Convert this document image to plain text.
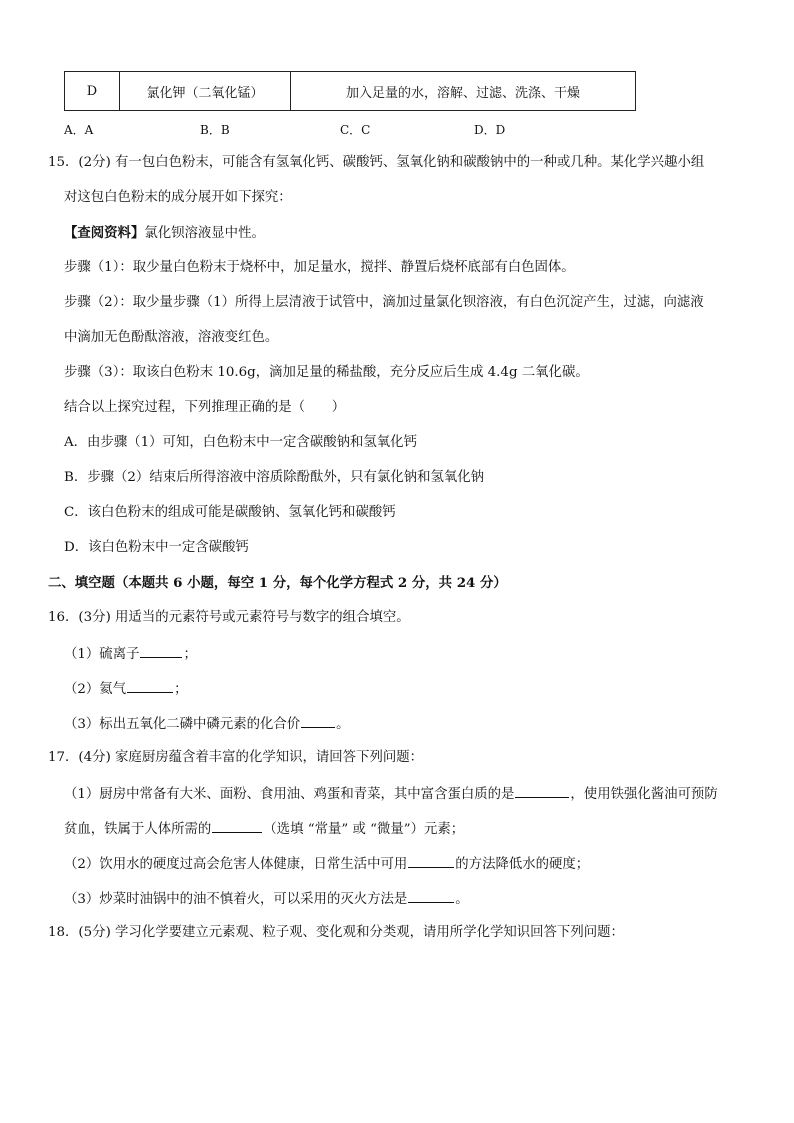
D	氯化钾（二氧化锰）	加入足量的水，溶解、过滤、洗涤、干燥
A．A	B．B	C．C	D．D
15．(2分) 有一包白色粉末，可能含有氢氧化钙、碳酸钙、氢氧化钠和碳酸钠中的一种或几种。某化学兴趣小组
对这包白色粉末的成分展开如下探究：
【查阅资料】氯化钡溶液显中性。
步骤（1）：取少量白色粉末于烧杯中，加足量水，搅拌、静置后烧杯底部有白色固体。
步骤（2）：取少量步骤（1）所得上层清液于试管中，滴加过量氯化钡溶液，有白色沉淀产生，过滤，向滤液
中滴加无色酚酞溶液，溶液变红色。
步骤（3）：取该白色粉末 10.6g，滴加足量的稀盐酸，充分反应后生成 4.4g 二氧化碳。
结合以上探究过程，下列推理正确的是（　　）
A．由步骤（1）可知，白色粉末中一定含碳酸钠和氢氧化钙
B．步骤（2）结束后所得溶液中溶质除酚酞外，只有氯化钠和氢氧化钠
C．该白色粉末的组成可能是碳酸钠、氢氧化钙和碳酸钙
D．该白色粉末中一定含碳酸钙
二、填空题（本题共 6 小题，每空 1 分，每个化学方程式 2 分，共 24 分）
16．(3分) 用适当的元素符号或元素符号与数字的组合填空。
（1）硫离子	；
（2）氦气	；
（3）标出五氧化二磷中磷元素的化合价	。
17．(4分) 家庭厨房蕴含着丰富的化学知识，请回答下列问题：
（1）厨房中常备有大米、面粉、食用油、鸡蛋和青菜，其中富含蛋白质的是	，使用铁强化酱油可预防
贫血，铁属于人体所需的	（选填 “常量” 或 “微量”）元素；
（2）饮用水的硬度过高会危害人体健康，日常生活中可用	的方法降低水的硬度；
（3）炒菜时油锅中的油不慎着火，可以采用的灭火方法是	。
18．(5分) 学习化学要建立元素观、粒子观、变化观和分类观，请用所学化学知识回答下列问题：
